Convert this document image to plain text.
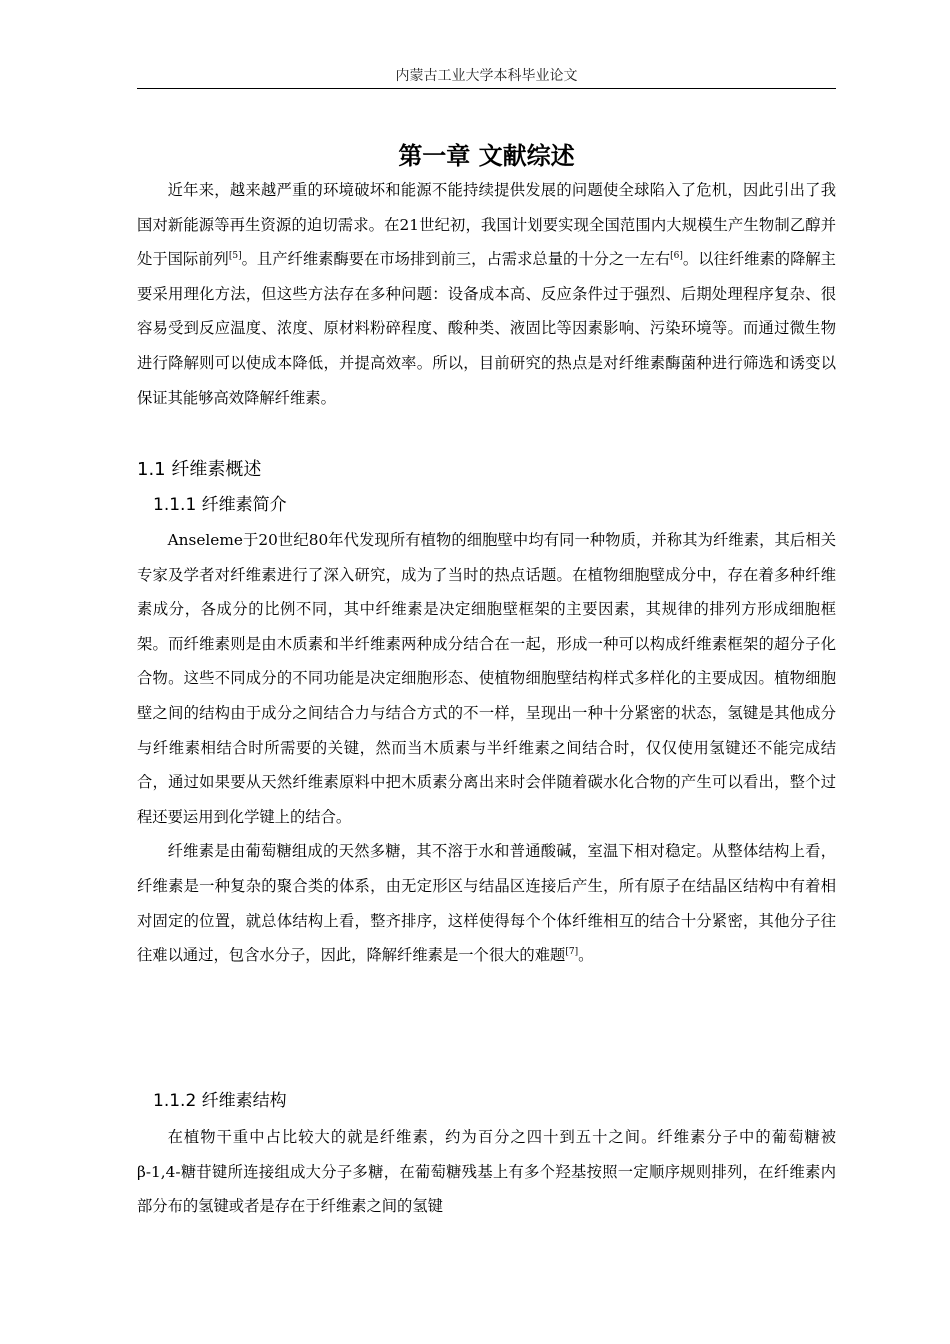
内蒙古工业大学本科毕业论文
第一章 文献综述

近年来，越来越严重的环境破坏和能源不能持续提供发展的问题使全球陷入了危机，因此引出了我国对新能源等再生资源的迫切需求。在21世纪初，我国计划要实现全国范围内大规模生产生物制乙醇并处于国际前列[5]。且产纤维素酶要在市场排到前三，占需求总量的十分之一左右[6]。以往纤维素的降解主要采用理化方法，但这些方法存在多种问题：设备成本高、反应条件过于强烈、后期处理程序复杂、很容易受到反应温度、浓度、原材料粉碎程度、酸种类、液固比等因素影响、污染环境等。而通过微生物进行降解则可以使成本降低，并提高效率。所以，目前研究的热点是对纤维素酶菌种进行筛选和诱变以保证其能够高效降解纤维素。

1.1 纤维素概述
1.1.1 纤维素简介

Anseleme于20世纪80年代发现所有植物的细胞壁中均有同一种物质，并称其为纤维素，其后相关专家及学者对纤维素进行了深入研究，成为了当时的热点话题。在植物细胞壁成分中，存在着多种纤维素成分，各成分的比例不同，其中纤维素是决定细胞壁框架的主要因素，其规律的排列方形成细胞框架。而纤维素则是由木质素和半纤维素两种成分结合在一起，形成一种可以构成纤维素框架的超分子化合物。这些不同成分的不同功能是决定细胞形态、使植物细胞壁结构样式多样化的主要成因。植物细胞壁之间的结构由于成分之间结合力与结合方式的不一样，呈现出一种十分紧密的状态，氢键是其他成分与纤维素相结合时所需要的关键，然而当木质素与半纤维素之间结合时，仅仅使用氢键还不能完成结合，通过如果要从天然纤维素原料中把木质素分离出来时会伴随着碳水化合物的产生可以看出，整个过程还要运用到化学键上的结合。

纤维素是由葡萄糖组成的天然多糖，其不溶于水和普通酸碱，室温下相对稳定。从整体结构上看，纤维素是一种复杂的聚合类的体系，由无定形区与结晶区连接后产生，所有原子在结晶区结构中有着相对固定的位置，就总体结构上看，整齐排序，这样使得每个个体纤维相互的结合十分紧密，其他分子往往难以通过，包含水分子，因此，降解纤维素是一个很大的难题[7]。

1.1.2 纤维素结构

在植物干重中占比较大的就是纤维素，约为百分之四十到五十之间。纤维素分子中的葡萄糖被β-1,4-糖苷键所连接组成大分子多糖，在葡萄糖残基上有多个羟基按照一定顺序规则排列，在纤维素内部分布的氢键或者是存在于纤维素之间的氢键
